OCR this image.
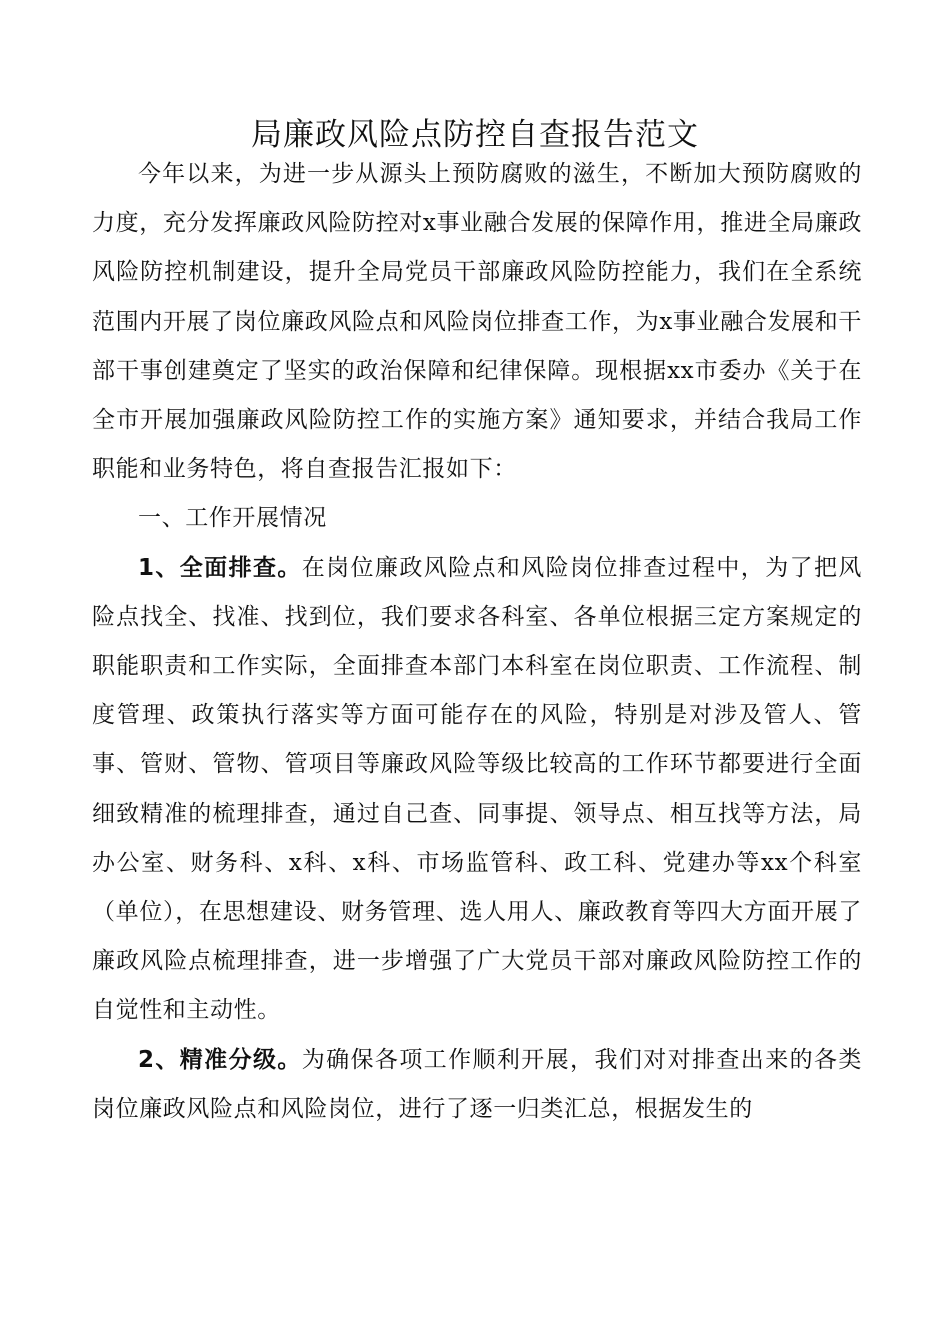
局廉政风险点防控自查报告范文

今年以来，为进一步从源头上预防腐败的滋生，不断加大预防腐败的力度，充分发挥廉政风险防控对x事业融合发展的保障作用，推进全局廉政风险防控机制建设，提升全局党员干部廉政风险防控能力，我们在全系统范围内开展了岗位廉政风险点和风险岗位排查工作，为x事业融合发展和干部干事创建奠定了坚实的政治保障和纪律保障。现根据xx市委办《关于在全市开展加强廉政风险防控工作的实施方案》通知要求，并结合我局工作职能和业务特色，将自查报告汇报如下：

一、工作开展情况

1、全面排查。在岗位廉政风险点和风险岗位排查过程中，为了把风险点找全、找准、找到位，我们要求各科室、各单位根据三定方案规定的职能职责和工作实际，全面排查本部门本科室在岗位职责、工作流程、制度管理、政策执行落实等方面可能存在的风险，特别是对涉及管人、管事、管财、管物、管项目等廉政风险等级比较高的工作环节都要进行全面细致精准的梳理排查，通过自己查、同事提、领导点、相互找等方法，局办公室、财务科、x科、x科、市场监管科、政工科、党建办等xx个科室（单位），在思想建设、财务管理、选人用人、廉政教育等四大方面开展了廉政风险点梳理排查，进一步增强了广大党员干部对廉政风险防控工作的自觉性和主动性。

2、精准分级。为确保各项工作顺利开展，我们对对排查出来的各类岗位廉政风险点和风险岗位，进行了逐一归类汇总，根据发生的
